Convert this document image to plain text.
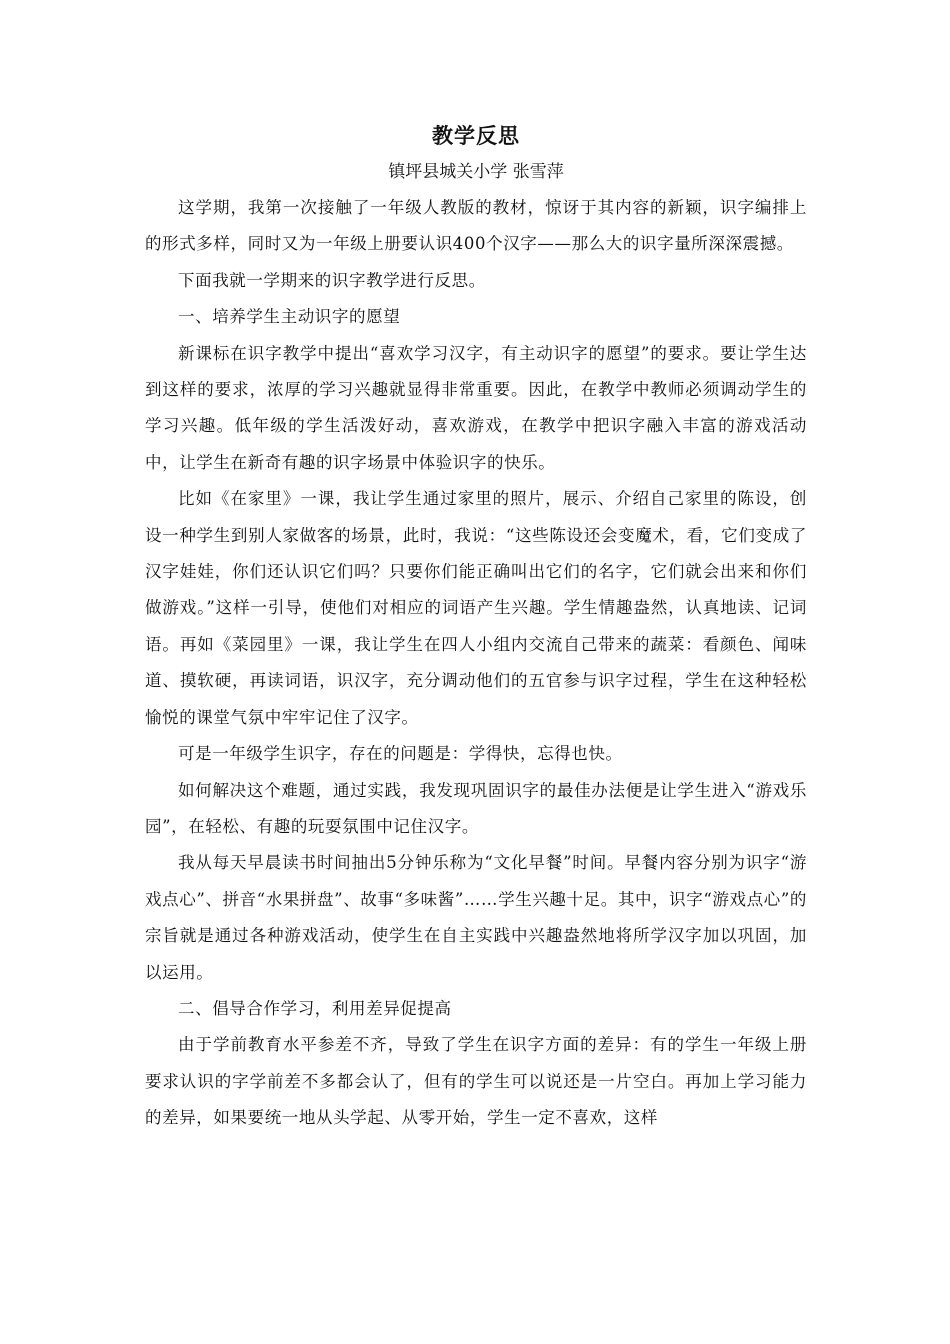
教学反思

镇坪县城关小学 张雪萍

这学期，我第一次接触了一年级人教版的教材，惊讶于其内容的新颖，识字编排上的形式多样，同时又为一年级上册要认识400个汉字——那么大的识字量所深深震撼。

下面我就一学期来的识字教学进行反思。

一、培养学生主动识字的愿望

新课标在识字教学中提出“喜欢学习汉字，有主动识字的愿望”的要求。要让学生达到这样的要求，浓厚的学习兴趣就显得非常重要。因此，在教学中教师必须调动学生的学习兴趣。低年级的学生活泼好动，喜欢游戏，在教学中把识字融入丰富的游戏活动中，让学生在新奇有趣的识字场景中体验识字的快乐。

比如《在家里》一课，我让学生通过家里的照片，展示、介绍自己家里的陈设，创设一种学生到别人家做客的场景，此时，我说：“这些陈设还会变魔术，看，它们变成了汉字娃娃，你们还认识它们吗？只要你们能正确叫出它们的名字，它们就会出来和你们做游戏。”这样一引导，使他们对相应的词语产生兴趣。学生情趣盎然，认真地读、记词语。再如《菜园里》一课，我让学生在四人小组内交流自己带来的蔬菜：看颜色、闻味道、摸软硬，再读词语，识汉字，充分调动他们的五官参与识字过程，学生在这种轻松愉悦的课堂气氛中牢牢记住了汉字。

可是一年级学生识字，存在的问题是：学得快，忘得也快。

如何解决这个难题，通过实践，我发现巩固识字的最佳办法便是让学生进入“游戏乐园”，在轻松、有趣的玩耍氛围中记住汉字。

我从每天早晨读书时间抽出5分钟乐称为“文化早餐”时间。早餐内容分别为识字“游戏点心”、拼音“水果拼盘”、故事“多味酱”……学生兴趣十足。其中，识字“游戏点心”的宗旨就是通过各种游戏活动，使学生在自主实践中兴趣盎然地将所学汉字加以巩固，加以运用。

二、倡导合作学习，利用差异促提高

由于学前教育水平参差不齐，导致了学生在识字方面的差异：有的学生一年级上册要求认识的字学前差不多都会认了，但有的学生可以说还是一片空白。再加上学习能力的差异，如果要统一地从头学起、从零开始，学生一定不喜欢，这样
